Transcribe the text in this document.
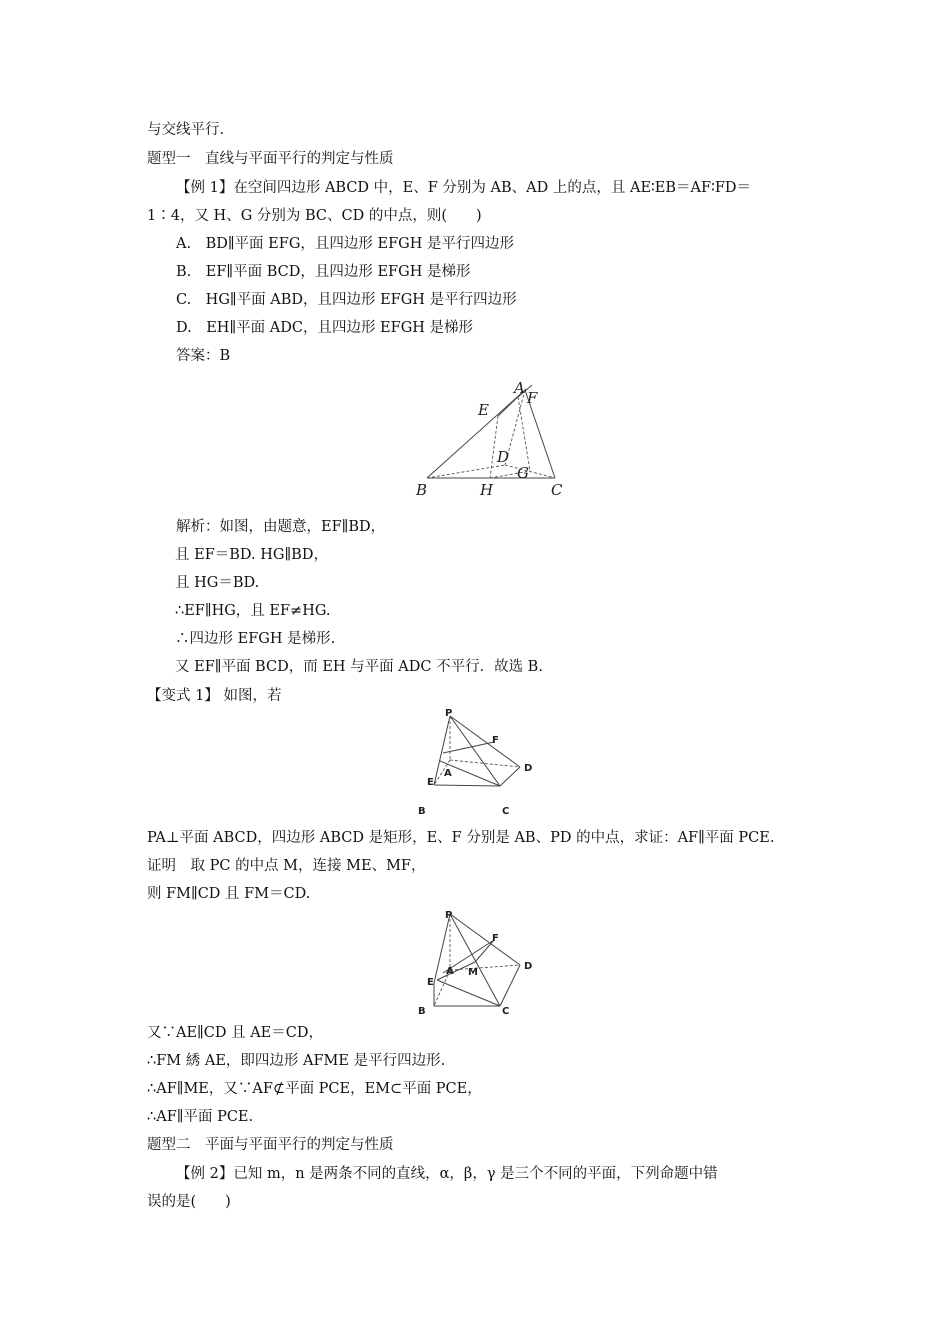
与交线平行.
题型一　直线与平面平行的判定与性质
【例 1】在空间四边形 ABCD 中，E、F 分别为 AB、AD 上的点，且 AE∶EB＝AF∶FD＝
1∶4，又 H、G 分别为 BC、CD 的中点，则(　　)
A.　BD∥平面 EFG，且四边形 EFGH 是平行四边形
B.　EF∥平面 BCD，且四边形 EFGH 是梯形
C.　HG∥平面 ABD，且四边形 EFGH 是平行四边形
D.　EH∥平面 ADC，且四边形 EFGH 是梯形
答案：B
A
F
E
D
G
B	H	C
解析：如图，由题意，EF∥BD，
且 EF＝BD. HG∥BD，
且 HG＝BD.
∴EF∥HG，且 EF≠HG.
∴四边形 EFGH 是梯形.
又 EF∥平面 BCD，而 EH 与平面 ADC 不平行．故选 B.
【变式 1】 如图，若
P
F
D
E
A
B	C
PA⊥平面 ABCD，四边形 ABCD 是矩形，E、F 分别是 AB、PD 的中点，求证：AF∥平面 PCE.
证明　取 PC 的中点 M，连接 ME、MF，
则 FM∥CD 且 FM＝CD.
P
F
D
E
A M
B	C
又∵AE∥CD 且 AE＝CD，
∴FM 綉 AE，即四边形 AFME 是平行四边形.
∴AF∥ME，又∵AF⊄平面 PCE，EM⊂平面 PCE，
∴AF∥平面 PCE.
题型二　平面与平面平行的判定与性质
【例 2】已知 m，n 是两条不同的直线，α，β，γ 是三个不同的平面，下列命题中错
误的是(　　)
